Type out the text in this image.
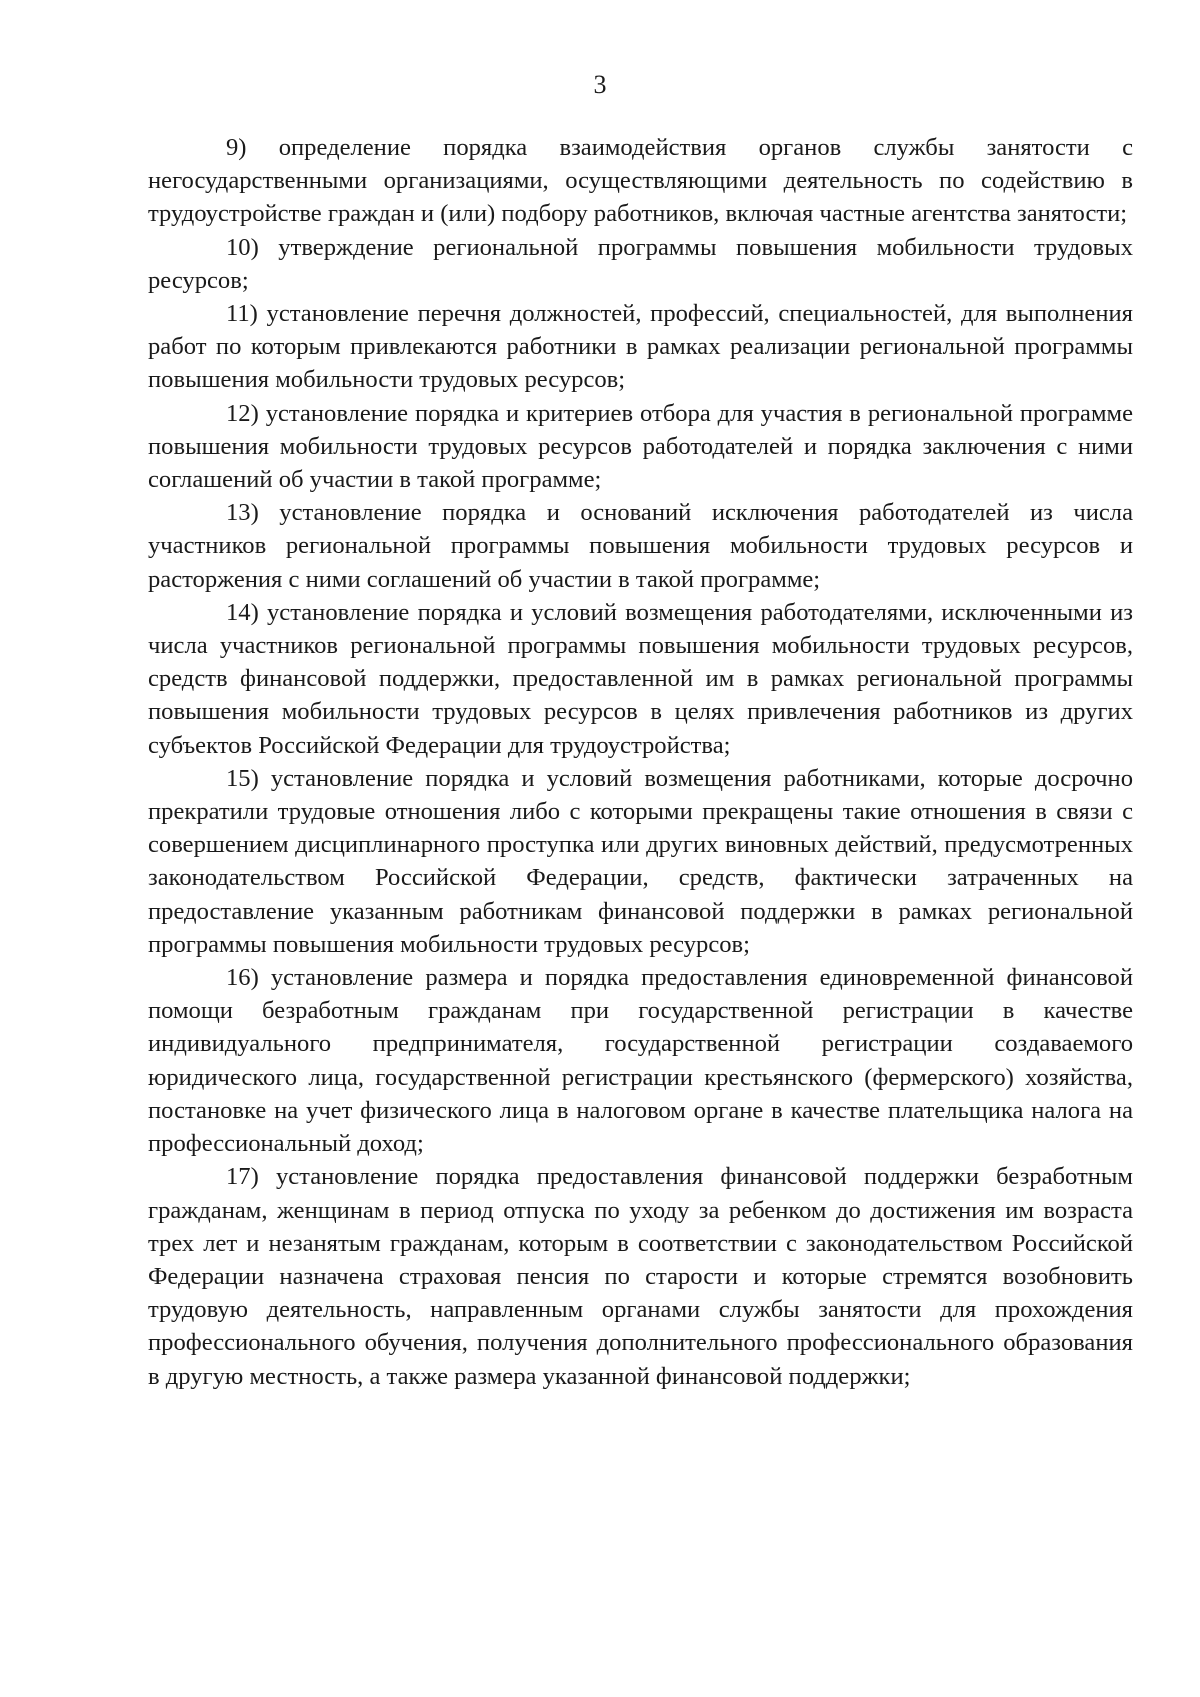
3

9) определение порядка взаимодействия органов службы занятости с негосударственными организациями, осуществляющими деятельность по содействию в трудоустройстве граждан и (или) подбору работников, включая частные агентства занятости;

10) утверждение региональной программы повышения мобильности трудовых ресурсов;

11) установление перечня должностей, профессий, специальностей, для выполнения работ по которым привлекаются работники в рамках реализации региональной программы повышения мобильности трудовых ресурсов;

12) установление порядка и критериев отбора для участия в региональной программе повышения мобильности трудовых ресурсов работодателей и порядка заключения с ними соглашений об участии в такой программе;

13) установление порядка и оснований исключения работодателей из числа участников региональной программы повышения мобильности трудовых ресурсов и расторжения с ними соглашений об участии в такой программе;

14) установление порядка и условий возмещения работодателями, исключенными из числа участников региональной программы повышения мобильности трудовых ресурсов, средств финансовой поддержки, предоставленной им в рамках региональной программы повышения мобильности трудовых ресурсов в целях привлечения работников из других субъектов Российской Федерации для трудоустройства;

15) установление порядка и условий возмещения работниками, которые досрочно прекратили трудовые отношения либо с которыми прекращены такие отношения в связи с совершением дисциплинарного проступка или других виновных действий, предусмотренных законодательством Российской Федерации, средств, фактически затраченных на предоставление указанным работникам финансовой поддержки в рамках региональной программы повышения мобильности трудовых ресурсов;

16) установление размера и порядка предоставления единовременной финансовой помощи безработным гражданам при государственной регистрации в качестве индивидуального предпринимателя, государственной регистрации создаваемого юридического лица, государственной регистрации крестьянского (фермерского) хозяйства, постановке на учет физического лица в налоговом органе в качестве плательщика налога на профессиональный доход;

17) установление порядка предоставления финансовой поддержки безработным гражданам, женщинам в период отпуска по уходу за ребенком до достижения им возраста трех лет и незанятым гражданам, которым в соответствии с законодательством Российской Федерации назначена страховая пенсия по старости и которые стремятся возобновить трудовую деятельность, направленным органами службы занятости для прохождения профессионального обучения, получения дополнительного профессионального образования в другую местность, а также размера указанной финансовой поддержки;
